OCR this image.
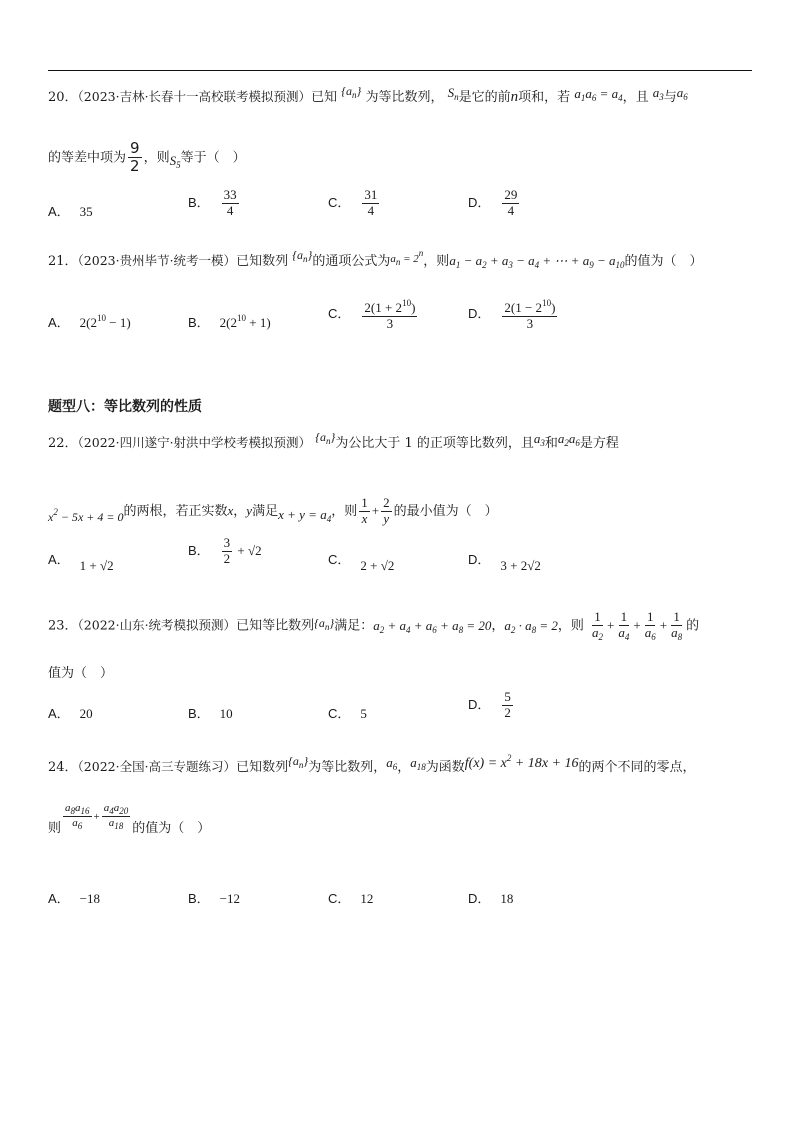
20．（2023·吉林·长春十一高校联考模拟预测）已知 $\{a_n\}$ 为等比数列， $S_n$是它的前n项和，若 $a_1a_6 = a_4$，且 $a_3$与$a_6$
的等差中项为 $\frac{9}{2}$ ，则$S_5$等于（　）
A． 35
B． $\frac{33}{4}$	C． $\frac{31}{4}$	D． $\frac{29}{4}$
21．（2023·贵州毕节·统考一模）已知数列 $\{a_n\}$的通项公式为$^{a_n = 2^n}$，则$a_1 - a_2 + a_3 - a_4$ + ⋯ + $a_9 - a_{10}$的值为（　）
A． $2(2^{10} - 1)$	B． $2(2^{10} + 1)$
C． $\frac{2(1 + 2^{10})}{3}$	D． $\frac{2(1 - 2^{10})}{3}$
题型八：等比数列的性质
22．（2022·四川遂宁·射洪中学校考模拟预测） $\{a_n\}$为公比大于 1 的正项等比数列，且$a_3$和$a_2a_6$是方程
$x^2 - 5x + 4 = 0$的两根，若正实数x，y满足$x + y = a_4$，则 $\frac{1}{x} + \frac{2}{y}$ 的最小值为（　）
A． 1 + √2
B． $\frac{3}{2} + √2$
C． 2 + √2	D． 3 + 2√2
23．（2022·山东·统考模拟预测）已知等比数列$\{a_n\}$满足：$a_2 + a_4 + a_6 + a_8 = 20$，$a_2 \cdot a_8 = 2$，则 $\frac{1}{a_2} + \frac{1}{a_4} + \frac{1}{a_6} + \frac{1}{a_8}$ 的
值为（　）
A． 20	B． 10	C． 5
D． $\frac{5}{2}$
24．（2022·全国·高三专题练习）已知数列$\{a_n\}$为等比数列，$a_6$，$a_{18}$为函数$f(x) = x^2 + 18x + 16$的两个不同的零点，
则 $\frac{a_8a_{16}}{a_6} + \frac{a_4a_{20}}{a_{18}}$ 的值为（　）
A． −18	B． −12	C． 12	D． 18
